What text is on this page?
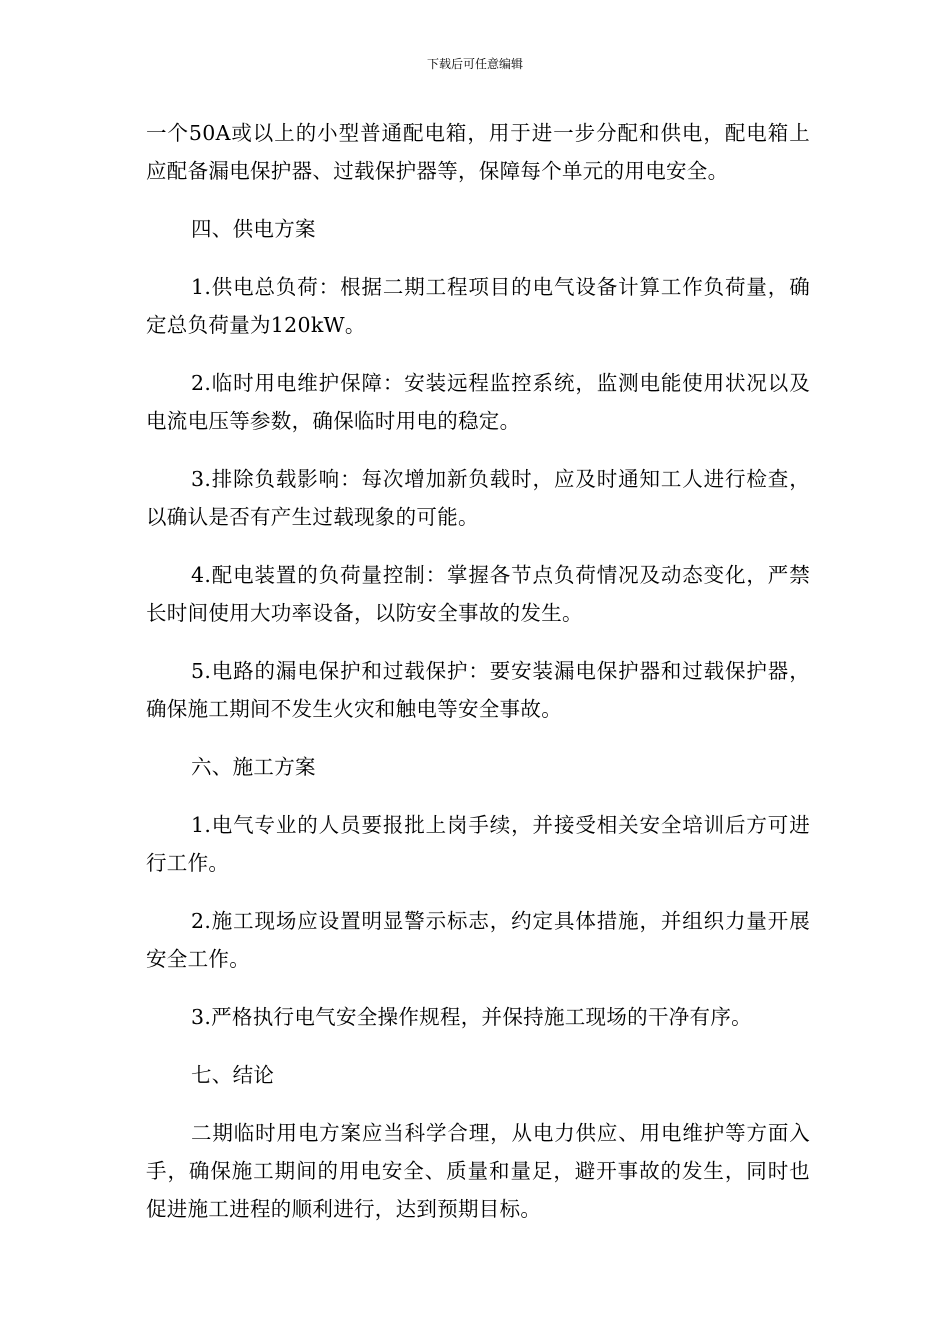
下载后可任意编辑

一个50A或以上的小型普通配电箱，用于进一步分配和供电，配电箱上应配备漏电保护器、过载保护器等，保障每个单元的用电安全。

四、供电方案

1.供电总负荷：根据二期工程项目的电气设备计算工作负荷量，确定总负荷量为120kW。

2.临时用电维护保障：安装远程监控系统，监测电能使用状况以及电流电压等参数，确保临时用电的稳定。

3.排除负载影响：每次增加新负载时，应及时通知工人进行检查，以确认是否有产生过载现象的可能。

4.配电装置的负荷量控制：掌握各节点负荷情况及动态变化，严禁长时间使用大功率设备，以防安全事故的发生。

5.电路的漏电保护和过载保护：要安装漏电保护器和过载保护器，确保施工期间不发生火灾和触电等安全事故。

六、施工方案

1.电气专业的人员要报批上岗手续，并接受相关安全培训后方可进行工作。

2.施工现场应设置明显警示标志，约定具体措施，并组织力量开展安全工作。

3.严格执行电气安全操作规程，并保持施工现场的干净有序。

七、结论

二期临时用电方案应当科学合理，从电力供应、用电维护等方面入手，确保施工期间的用电安全、质量和量足，避开事故的发生，同时也促进施工进程的顺利进行，达到预期目标。
